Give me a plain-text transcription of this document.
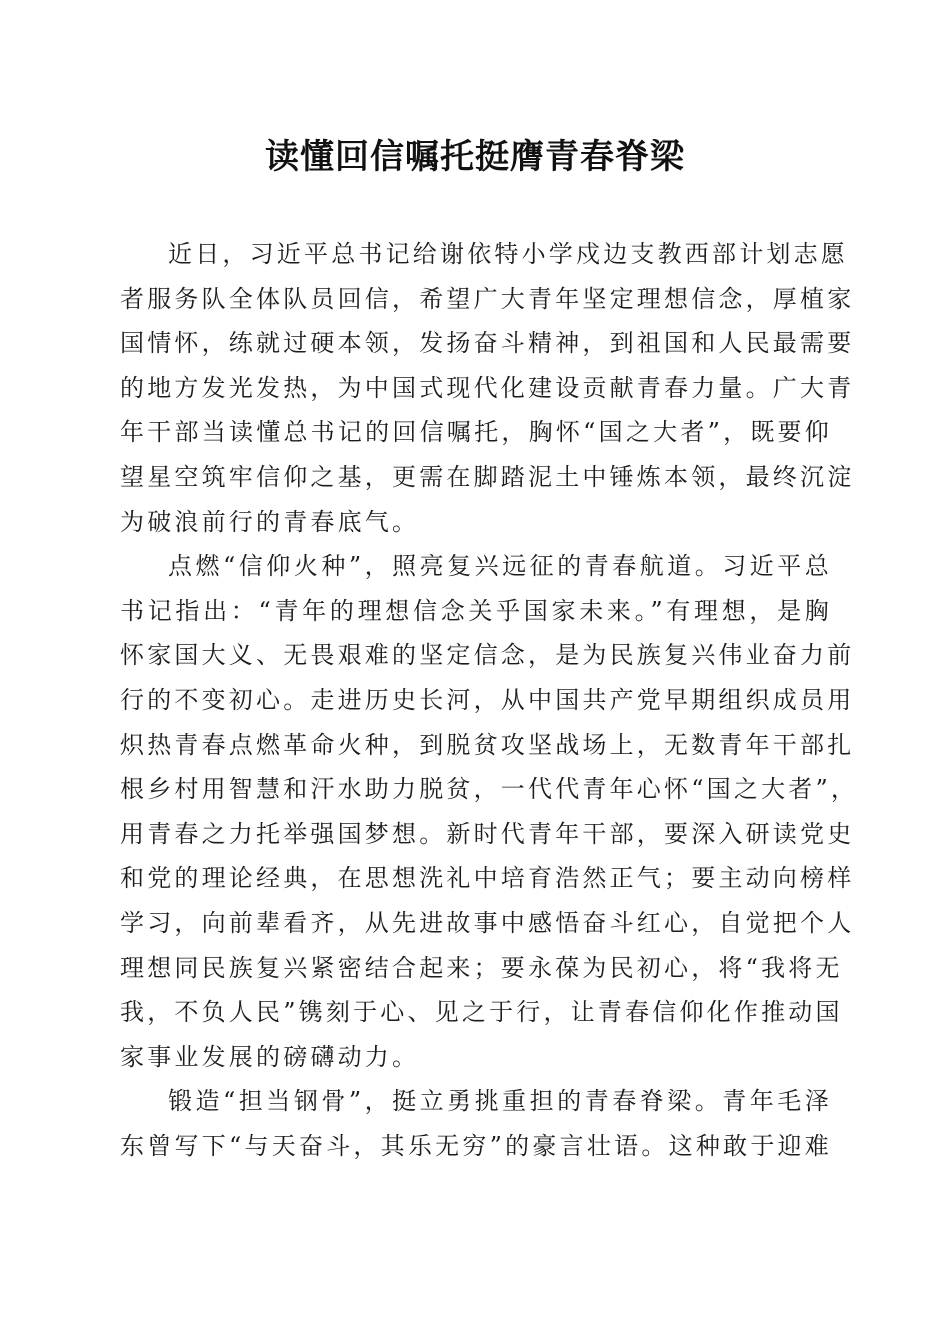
读懂回信嘱托挺膺青春脊梁
近日，习近平总书记给谢依特小学戍边支教西部计划志愿
者服务队全体队员回信，希望广大青年坚定理想信念，厚植家
国情怀，练就过硬本领，发扬奋斗精神，到祖国和人民最需要
的地方发光发热，为中国式现代化建设贡献青春力量。广大青
年干部当读懂总书记的回信嘱托，胸怀“国之大者”，既要仰
望星空筑牢信仰之基，更需在脚踏泥土中锤炼本领，最终沉淀
为破浪前行的青春底气。
点燃“信仰火种”，照亮复兴远征的青春航道。习近平总
书记指出：“青年的理想信念关乎国家未来。”有理想，是胸
怀家国大义、无畏艰难的坚定信念，是为民族复兴伟业奋力前
行的不变初心。走进历史长河，从中国共产党早期组织成员用
炽热青春点燃革命火种，到脱贫攻坚战场上，无数青年干部扎
根乡村用智慧和汗水助力脱贫，一代代青年心怀“国之大者”，
用青春之力托举强国梦想。新时代青年干部，要深入研读党史
和党的理论经典，在思想洗礼中培育浩然正气；要主动向榜样
学习，向前辈看齐，从先进故事中感悟奋斗红心，自觉把个人
理想同民族复兴紧密结合起来；要永葆为民初心，将“我将无
我，不负人民”镌刻于心、见之于行，让青春信仰化作推动国
家事业发展的磅礴动力。
锻造“担当钢骨”，挺立勇挑重担的青春脊梁。青年毛泽
东曾写下“与天奋斗，其乐无穷”的豪言壮语。这种敢于迎难
